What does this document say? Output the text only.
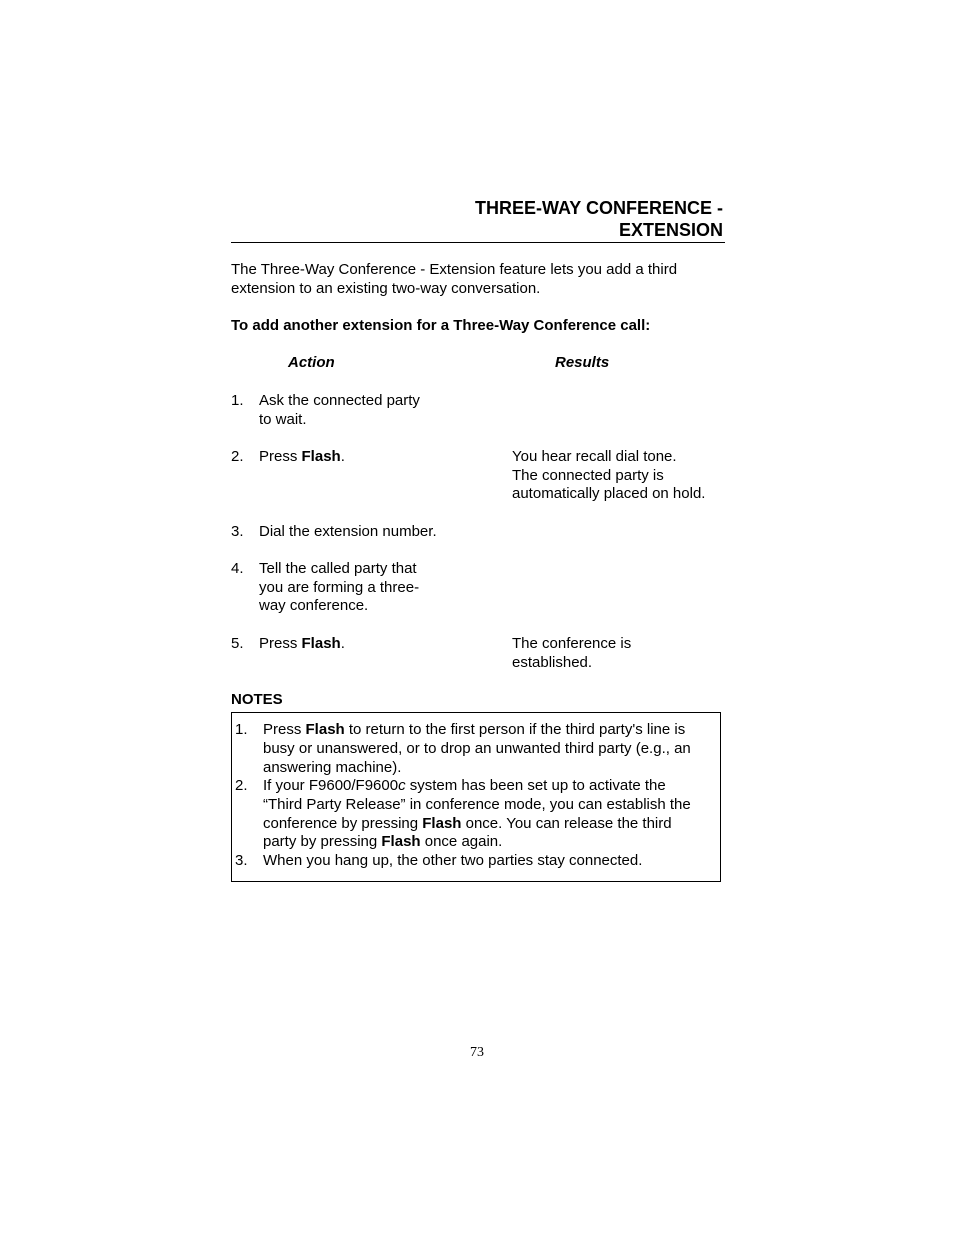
THREE-WAY CONFERENCE -
EXTENSION
The Three-Way Conference - Extension feature lets you add a third
extension to an existing two-way conversation.
To add another extension for a Three-Way Conference call:
Action	Results
1. Ask the connected party
to wait.
2. Press Flash.	You hear recall dial tone.
The connected party is
automatically placed on hold.
3. Dial the extension number.
4. Tell the called party that
you are forming a three-
way conference.
5. Press Flash.	The conference is
established.
NOTES
1. Press Flash to return to the first person if the third party's line is
busy or unanswered, or to drop an unwanted third party (e.g., an
answering machine).
2. If your F9600/F9600c system has been set up to activate the
“Third Party Release” in conference mode, you can establish the
conference by pressing Flash once. You can release the third
party by pressing Flash once again.
3. When you hang up, the other two parties stay connected.
73
